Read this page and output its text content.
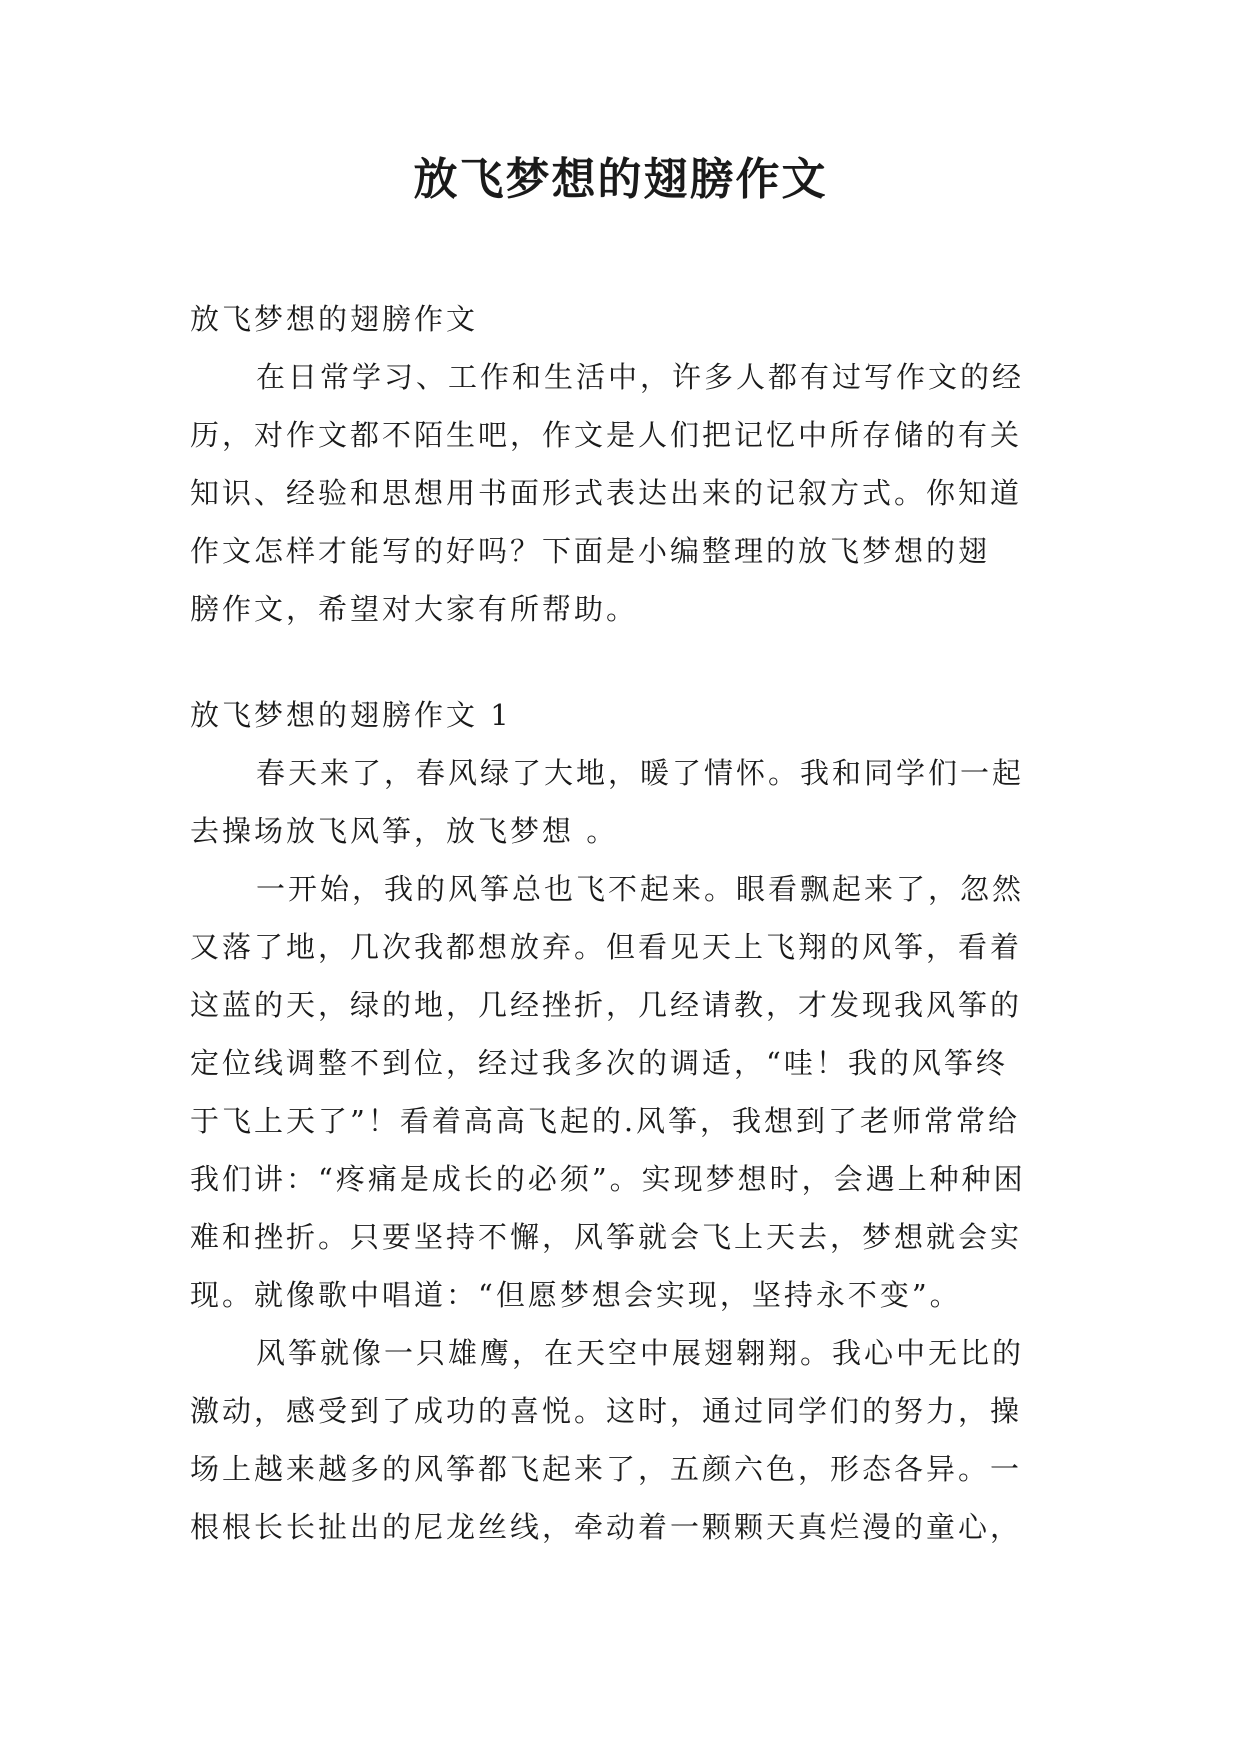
放飞梦想的翅膀作文

放飞梦想的翅膀作文

在日常学习、工作和生活中，许多人都有过写作文的经

历，对作文都不陌生吧，作文是人们把记忆中所存储的有关

知识、经验和思想用书面形式表达出来的记叙方式。你知道

作文怎样才能写的好吗？下面是小编整理的放飞梦想的翅

膀作文，希望对大家有所帮助。

放飞梦想的翅膀作文 1

春天来了，春风绿了大地，暖了情怀。我和同学们一起

去操场放飞风筝，放飞梦想 。

一开始，我的风筝总也飞不起来。眼看飘起来了，忽然

又落了地，几次我都想放弃。但看见天上飞翔的风筝，看着

这蓝的天，绿的地，几经挫折，几经请教，才发现我风筝的

定位线调整不到位，经过我多次的调适，“哇！我的风筝终

于飞上天了”！看着高高飞起的.风筝，我想到了老师常常给

我们讲：“疼痛是成长的必须”。实现梦想时，会遇上种种困

难和挫折。只要坚持不懈，风筝就会飞上天去，梦想就会实

现。就像歌中唱道：“但愿梦想会实现，坚持永不变”。

风筝就像一只雄鹰，在天空中展翅翱翔。我心中无比的

激动，感受到了成功的喜悦。这时，通过同学们的努力，操

场上越来越多的风筝都飞起来了，五颜六色，形态各异。一

根根长长扯出的尼龙丝线，牵动着一颗颗天真烂漫的童心，
